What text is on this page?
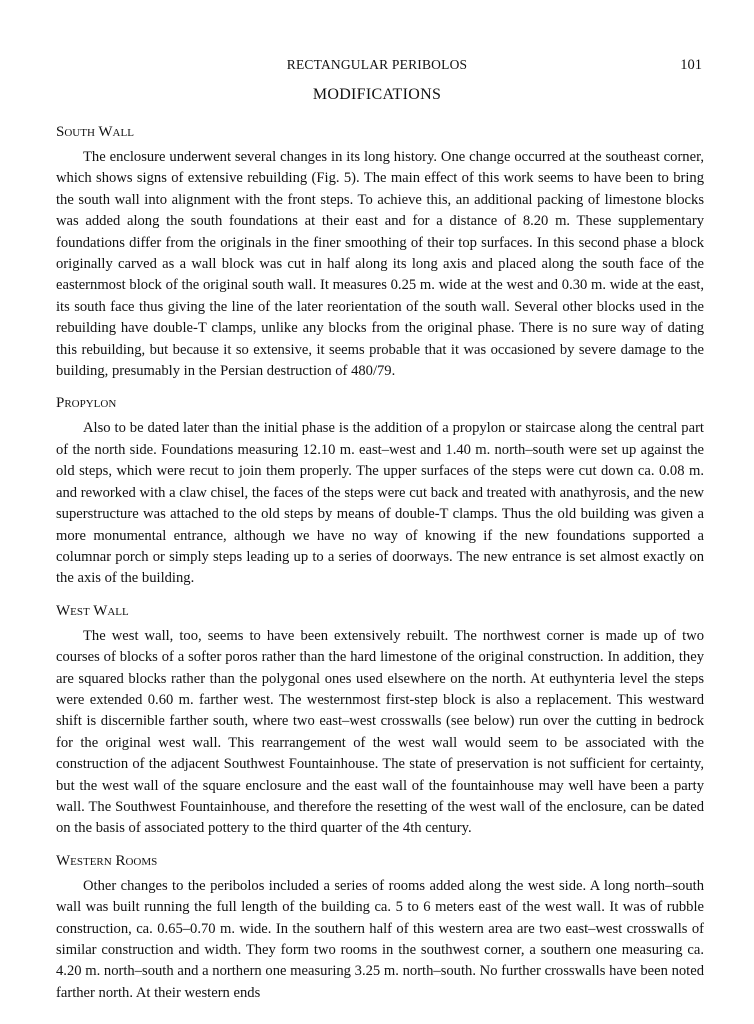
RECTANGULAR PERIBOLOS	101
MODIFICATIONS
South Wall

The enclosure underwent several changes in its long history. One change occurred at the southeast corner, which shows signs of extensive rebuilding (Fig. 5). The main effect of this work seems to have been to bring the south wall into alignment with the front steps. To achieve this, an additional packing of limestone blocks was added along the south foundations at their east and for a distance of 8.20 m. These supplementary foundations differ from the originals in the finer smoothing of their top surfaces. In this second phase a block originally carved as a wall block was cut in half along its long axis and placed along the south face of the easternmost block of the original south wall. It measures 0.25 m. wide at the west and 0.30 m. wide at the east, its south face thus giving the line of the later reorientation of the south wall. Several other blocks used in the rebuilding have double-T clamps, unlike any blocks from the original phase. There is no sure way of dating this rebuilding, but because it so extensive, it seems probable that it was occasioned by severe damage to the building, presumably in the Persian destruction of 480/79.

Propylon

Also to be dated later than the initial phase is the addition of a propylon or staircase along the central part of the north side. Foundations measuring 12.10 m. east–west and 1.40 m. north–south were set up against the old steps, which were recut to join them properly. The upper surfaces of the steps were cut down ca. 0.08 m. and reworked with a claw chisel, the faces of the steps were cut back and treated with anathyrosis, and the new superstructure was attached to the old steps by means of double-T clamps. Thus the old building was given a more monumental entrance, although we have no way of knowing if the new foundations supported a columnar porch or simply steps leading up to a series of doorways. The new entrance is set almost exactly on the axis of the building.

West Wall

The west wall, too, seems to have been extensively rebuilt. The northwest corner is made up of two courses of blocks of a softer poros rather than the hard limestone of the original construction. In addition, they are squared blocks rather than the polygonal ones used elsewhere on the north. At euthynteria level the steps were extended 0.60 m. farther west. The westernmost first-step block is also a replacement. This westward shift is discernible farther south, where two east–west crosswalls (see below) run over the cutting in bedrock for the original west wall. This rearrangement of the west wall would seem to be associated with the construction of the adjacent Southwest Fountainhouse. The state of preservation is not sufficient for certainty, but the west wall of the square enclosure and the east wall of the fountainhouse may well have been a party wall. The Southwest Fountainhouse, and therefore the resetting of the west wall of the enclosure, can be dated on the basis of associated pottery to the third quarter of the 4th century.

Western Rooms

Other changes to the peribolos included a series of rooms added along the west side. A long north–south wall was built running the full length of the building ca. 5 to 6 meters east of the west wall. It was of rubble construction, ca. 0.65–0.70 m. wide. In the southern half of this western area are two east–west crosswalls of similar construction and width. They form two rooms in the southwest corner, a southern one measuring ca. 4.20 m. north–south and a northern one measuring 3.25 m. north–south. No further crosswalls have been noted farther north. At their western ends
